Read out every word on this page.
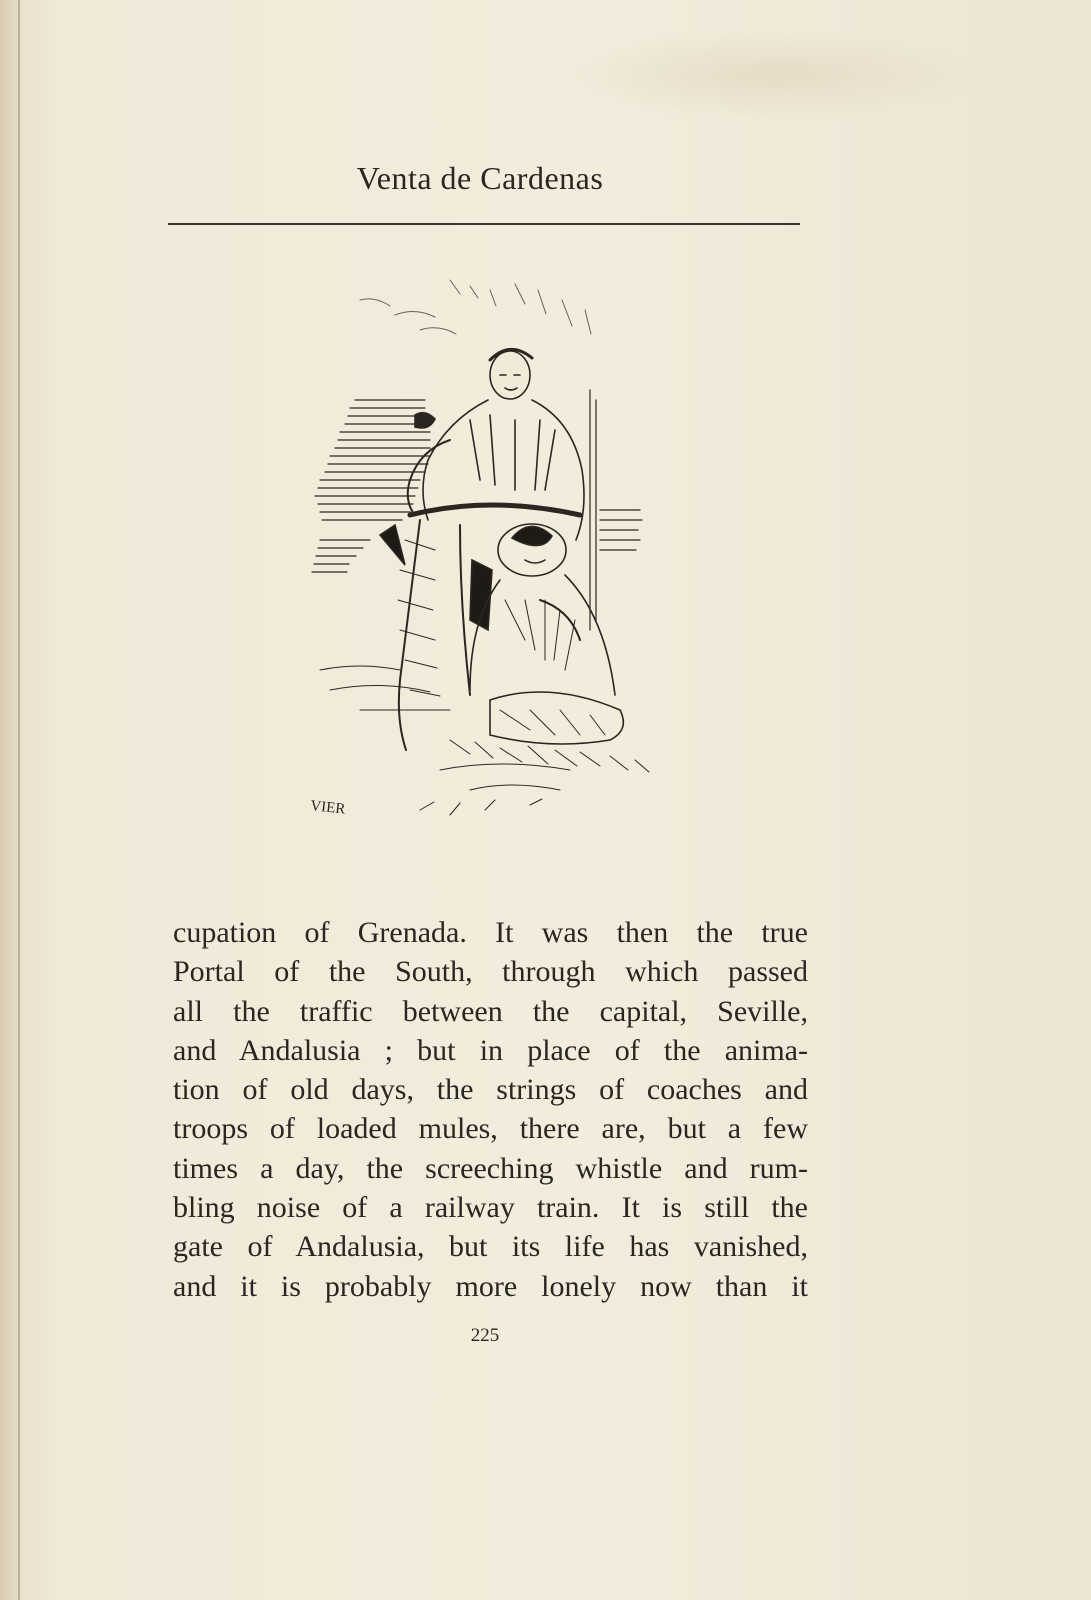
Venta de Cardenas
VIER
cupation of Grenada. It was then the true
Portal of the South, through which passed
all the traffic between the capital, Seville,
and Andalusia ; but in place of the anima-
tion of old days, the strings of coaches and
troops of loaded mules, there are, but a few
times a day, the screeching whistle and rum-
bling noise of a railway train. It is still the
gate of Andalusia, but its life has vanished,
and it is probably more lonely now than it
225
